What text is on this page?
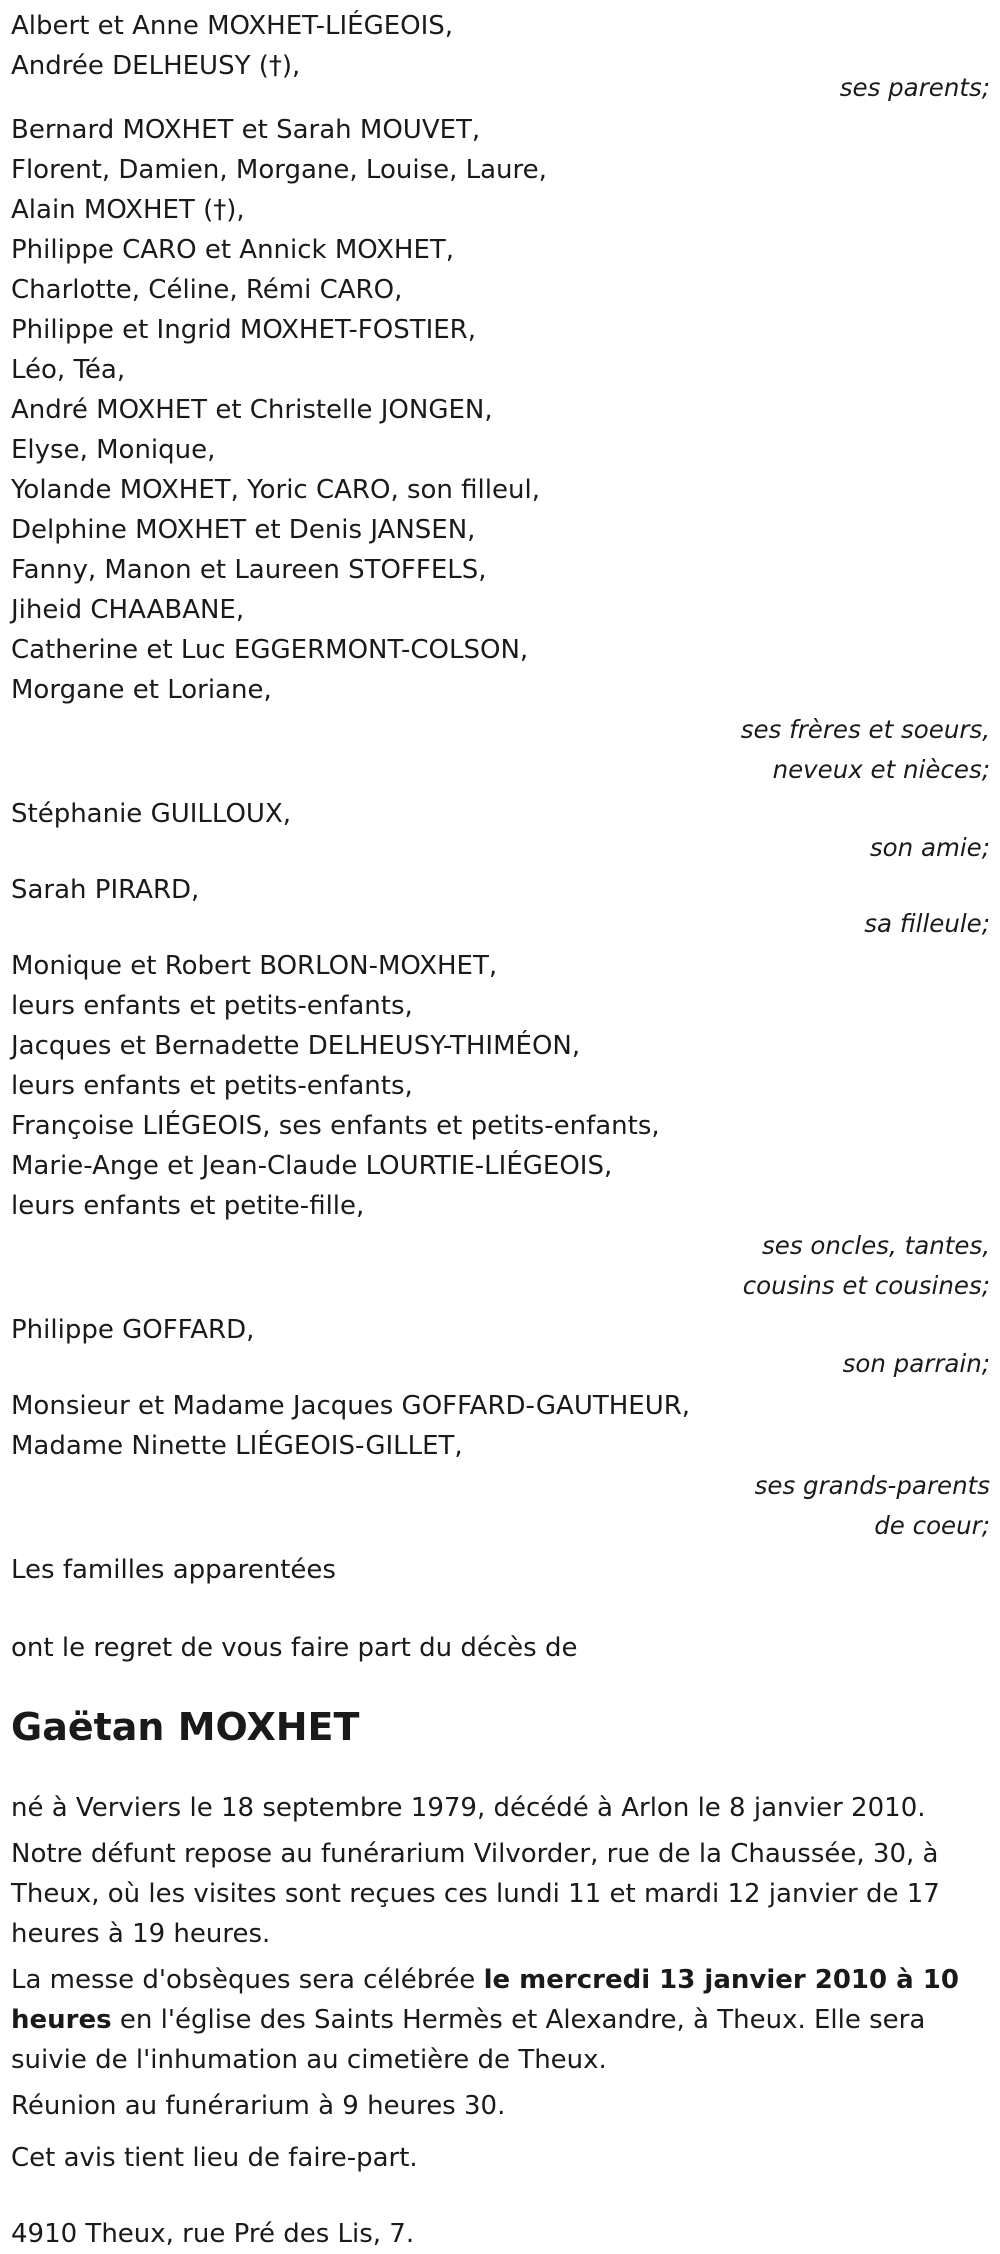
Albert et Anne MOXHET-LIÉGEOIS,
Andrée DELHEUSY (†),
ses parents;
Bernard MOXHET et Sarah MOUVET,
Florent, Damien, Morgane, Louise, Laure,
Alain MOXHET (†),
Philippe CARO et Annick MOXHET,
Charlotte, Céline, Rémi CARO,
Philippe et Ingrid MOXHET-FOSTIER,
Léo, Téa,
André MOXHET et Christelle JONGEN,
Elyse, Monique,
Yolande MOXHET, Yoric CARO, son filleul,
Delphine MOXHET et Denis JANSEN,
Fanny, Manon et Laureen STOFFELS,
Jiheid CHAABANE,
Catherine et Luc EGGERMONT-COLSON,
Morgane et Loriane,
ses frères et soeurs,
neveux et nièces;
Stéphanie GUILLOUX,
son amie;
Sarah PIRARD,
sa filleule;
Monique et Robert BORLON-MOXHET,
leurs enfants et petits-enfants,
Jacques et Bernadette DELHEUSY-THIMÉON,
leurs enfants et petits-enfants,
Françoise LIÉGEOIS, ses enfants et petits-enfants,
Marie-Ange et Jean-Claude LOURTIE-LIÉGEOIS,
leurs enfants et petite-fille,
ses oncles, tantes,
cousins et cousines;
Philippe GOFFARD,
son parrain;
Monsieur et Madame Jacques GOFFARD-GAUTHEUR,
Madame Ninette LIÉGEOIS-GILLET,
ses grands-parents
de coeur;

Les familles apparentées

ont le regret de vous faire part du décès de

Gaëtan MOXHET

né à Verviers le 18 septembre 1979, décédé à Arlon le 8 janvier 2010.

Notre défunt repose au funérarium Vilvorder, rue de la Chaussée, 30, à Theux, où les visites sont reçues ces lundi 11 et mardi 12 janvier de 17 heures à 19 heures.

La messe d'obsèques sera célébrée le mercredi 13 janvier 2010 à 10 heures en l'église des Saints Hermès et Alexandre, à Theux. Elle sera suivie de l'inhumation au cimetière de Theux.

Réunion au funérarium à 9 heures 30.

Cet avis tient lieu de faire-part.

4910 Theux, rue Pré des Lis, 7.
